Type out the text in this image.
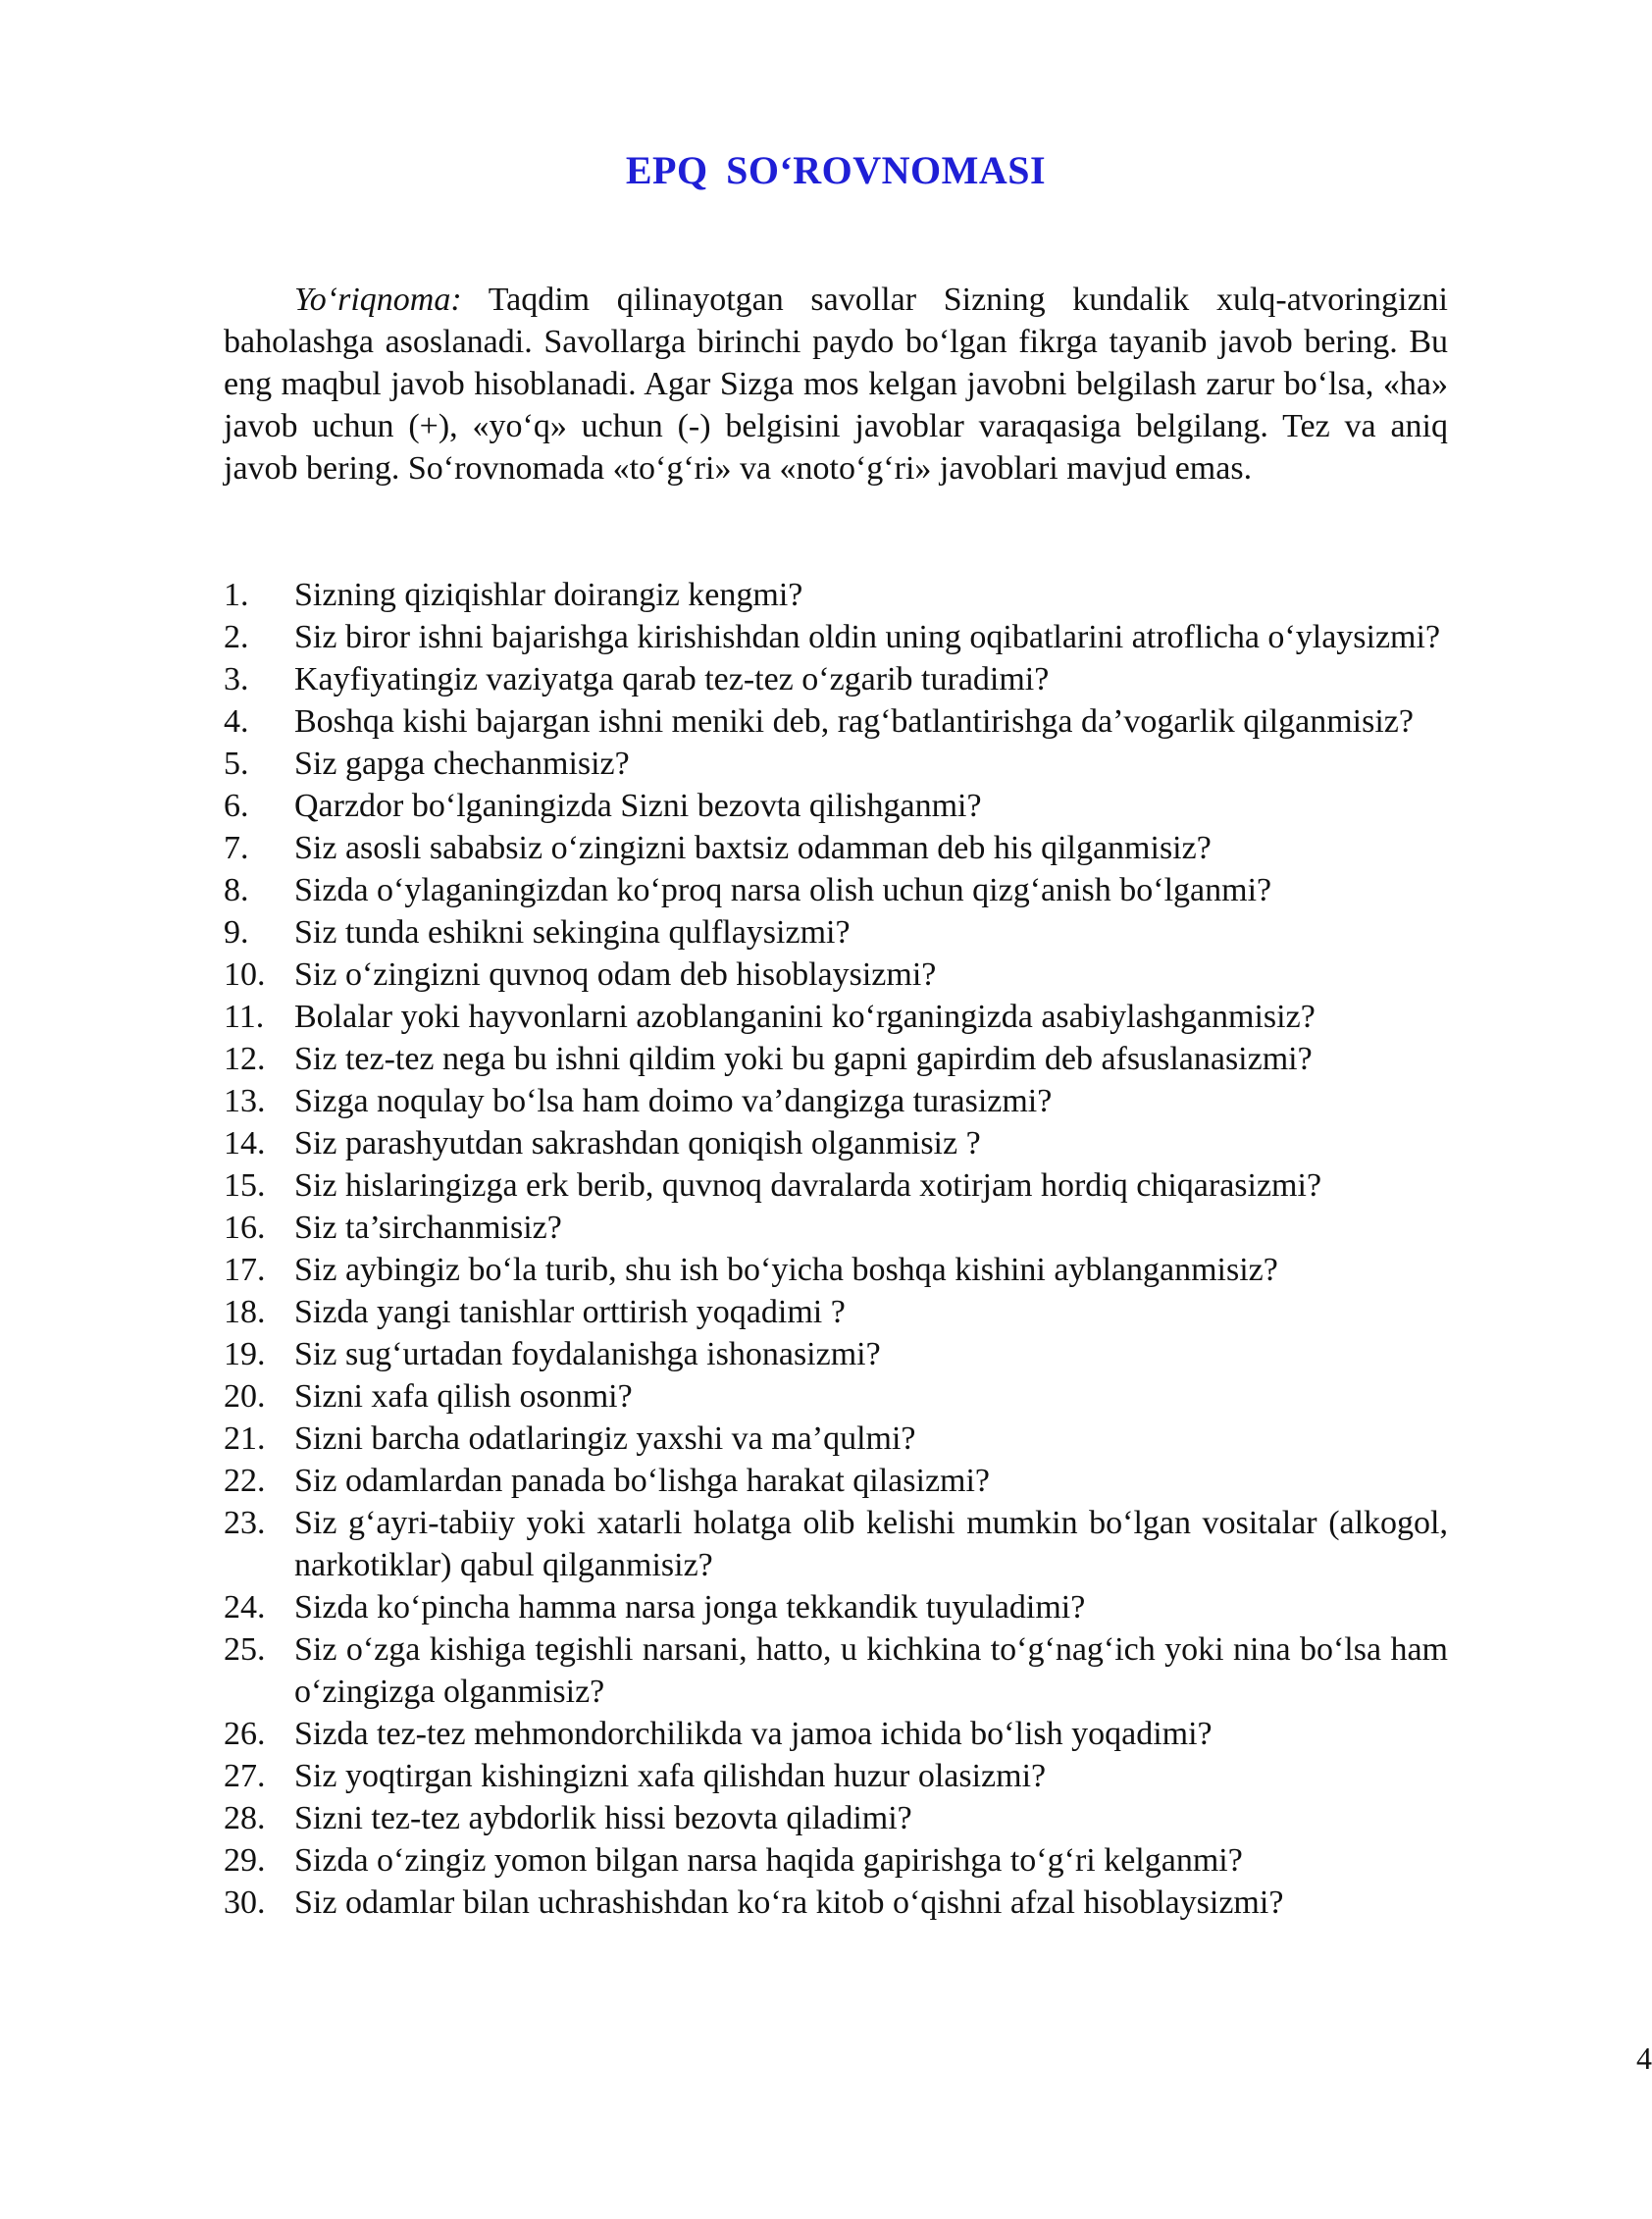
EPQ SO‘ROVNOMASI

Yo‘riqnoma: Taqdim qilinayotgan savollar Sizning kundalik xulq-atvoringizni baholashga asoslanadi. Savollarga birinchi paydo bo‘lgan fikrga tayanib javob bering. Bu eng maqbul javob hisoblanadi. Agar Sizga mos kelgan javobni belgilash zarur bo‘lsa, «ha» javob uchun (+), «yo‘q» uchun (-) belgisini javoblar varaqasiga belgilang. Tez va aniq javob bering. So‘rovnomada «to‘g‘ri» va «noto‘g‘ri» javoblari mavjud emas.

1.	Sizning qiziqishlar doirangiz kengmi?
2.	Siz biror ishni bajarishga kirishishdan oldin uning oqibatlarini atroflicha o‘ylaysizmi?
3.	Kayfiyatingiz vaziyatga qarab tez-tez o‘zgarib turadimi?
4.	Boshqa kishi bajargan ishni meniki deb, rag‘batlantirishga da’vogarlik qilganmisiz?
5.	Siz gapga chechanmisiz?
6.	Qarzdor bo‘lganingizda Sizni bezovta qilishganmi?
7.	Siz asosli sababsiz o‘zingizni baxtsiz odamman deb his qilganmisiz?
8.	Sizda o‘ylaganingizdan ko‘proq narsa olish uchun qizg‘anish bo‘lganmi?
9.	Siz tunda eshikni sekingina qulflaysizmi?
10. Siz o‘zingizni quvnoq odam deb hisoblaysizmi?
11. Bolalar yoki hayvonlarni azoblanganini ko‘rganingizda asabiylashganmisiz?
12. Siz tez-tez nega bu ishni qildim yoki bu gapni gapirdim deb afsuslanasizmi?
13. Sizga noqulay bo‘lsa ham doimo va’dangizga turasizmi?
14. Siz parashyutdan sakrashdan qoniqish olganmisiz ?
15. Siz hislaringizga erk berib, quvnoq davralarda xotirjam hordiq chiqarasizmi?
16. Siz ta’sirchanmisiz?
17. Siz aybingiz bo‘la turib, shu ish bo‘yicha boshqa kishini ayblanganmisiz?
18. Sizda yangi tanishlar orttirish yoqadimi ?
19. Siz sug‘urtadan foydalanishga ishonasizmi?
20. Sizni xafa qilish osonmi?
21. Sizni barcha odatlaringiz yaxshi va ma’qulmi?
22. Siz odamlardan panada bo‘lishga harakat qilasizmi?
23. Siz g‘ayri-tabiiy yoki xatarli holatga olib kelishi mumkin bo‘lgan vositalar (alkogol, narkotiklar) qabul qilganmisiz?
24. Sizda ko‘pincha hamma narsa jonga tekkandik tuyuladimi?
25. Siz o‘zga kishiga tegishli narsani, hatto, u kichkina to‘g‘nag‘ich yoki nina bo‘lsa ham o‘zingizga olganmisiz?
26. Sizda tez-tez mehmondorchilikda va jamoa ichida bo‘lish yoqadimi?
27. Siz yoqtirgan kishingizni xafa qilishdan huzur olasizmi?
28. Sizni tez-tez aybdorlik hissi bezovta qiladimi?
29. Sizda o‘zingiz yomon bilgan narsa haqida gapirishga to‘g‘ri kelganmi?
30. Siz odamlar bilan uchrashishdan ko‘ra kitob o‘qishni afzal hisoblaysizmi?
4
